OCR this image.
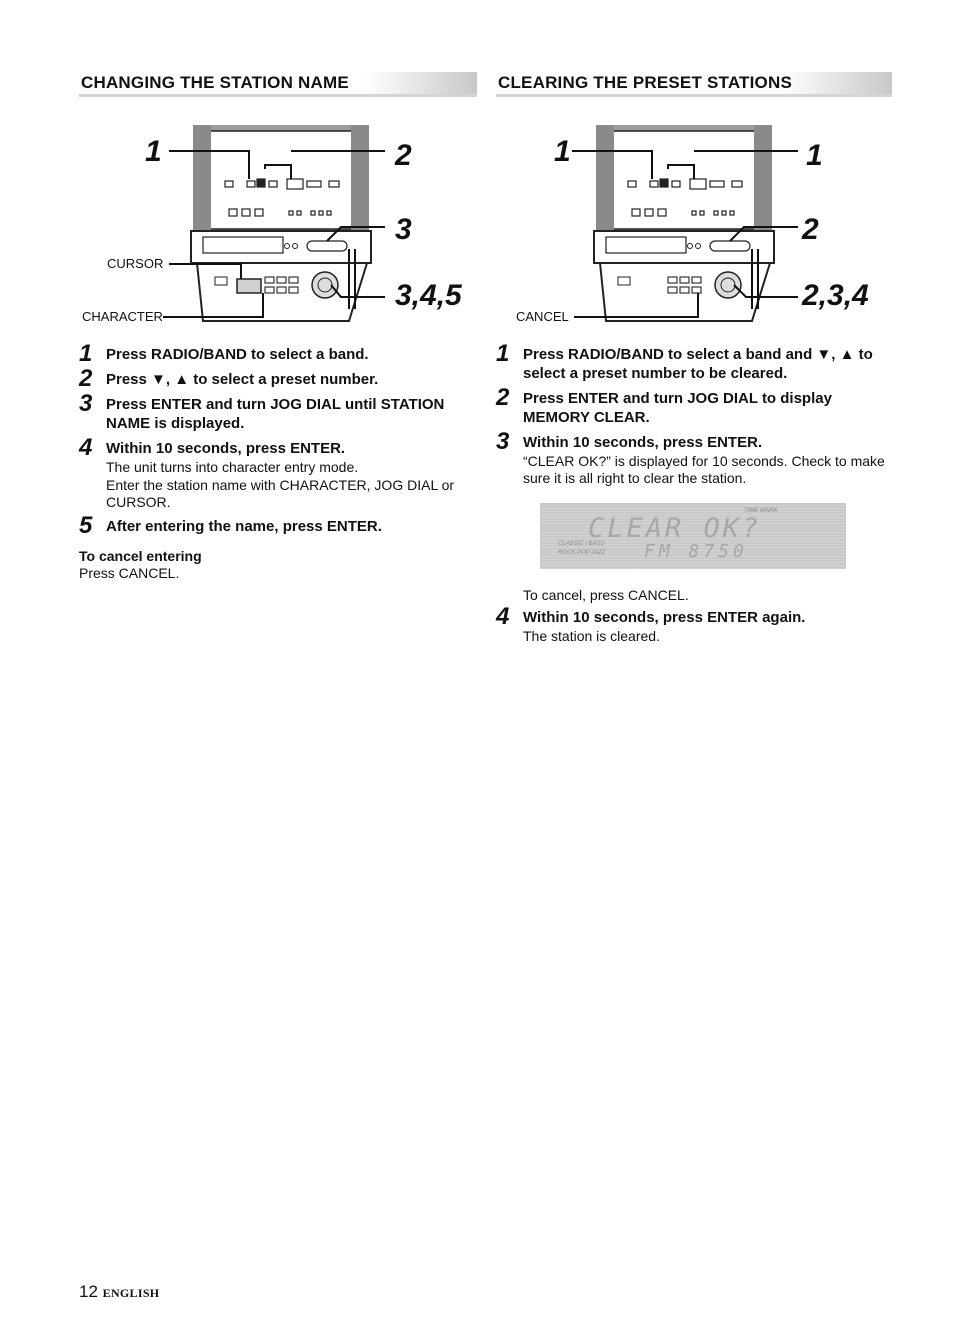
CHANGING THE STATION NAME
1	2
3
3,4,5
CURSOR
CHARACTER
1 Press RADIO/BAND to select a band.
2 Press ▼, ▲ to select a preset number.
3 Press ENTER and turn JOG DIAL until STATION NAME is displayed.
4 Within 10 seconds, press ENTER.
The unit turns into character entry mode.
Enter the station name with CHARACTER, JOG DIAL or CURSOR.
5 After entering the name, press ENTER.
To cancel entering
Press CANCEL.
CLEARING THE PRESET STATIONS
1	1
2
2,3,4
CANCEL
1 Press RADIO/BAND to select a band and ▼, ▲ to select a preset number to be cleared.
2 Press ENTER and turn JOG DIAL to display MEMORY CLEAR.
3 Within 10 seconds, press ENTER.
“CLEAR OK?” is displayed for 10 seconds. Check to make sure it is all right to clear the station.
TIME MARK
CLASSIC / BASS
ROCK POP JAZZ
CLEAR OK?
FM 8750
To cancel, press CANCEL.
4 Within 10 seconds, press ENTER again.
The station is cleared.
12 ENGLISH
